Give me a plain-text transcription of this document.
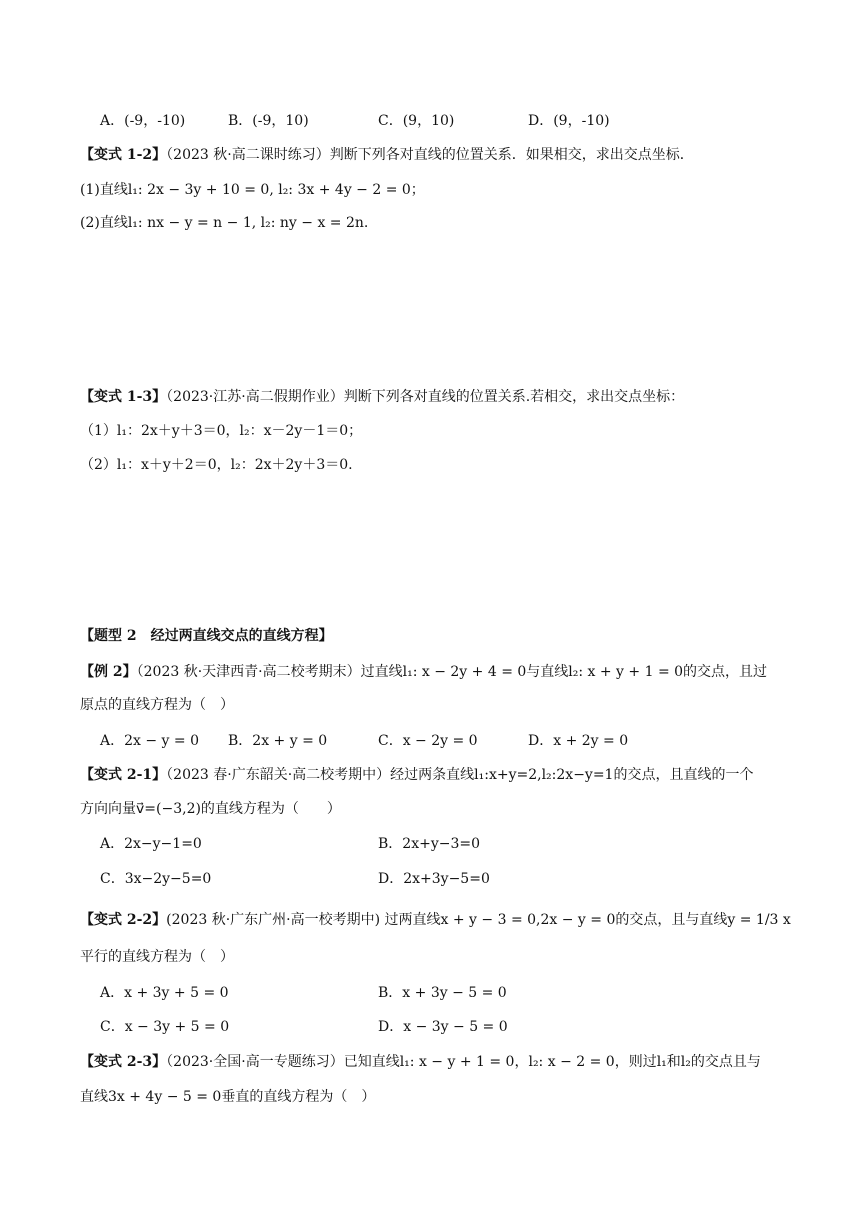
A．(-9，-10)	B．(-9，10)	C．(9，10)	D．(9，-10)
【变式 1-2】（2023 秋·高二课时练习）判断下列各对直线的位置关系．如果相交，求出交点坐标．
(1)直线l₁: 2x − 3y + 10 = 0, l₂: 3x + 4y − 2 = 0；
(2)直线l₁: nx − y = n − 1, l₂: ny − x = 2n.
【变式 1-3】（2023·江苏·高二假期作业）判断下列各对直线的位置关系.若相交，求出交点坐标：
（1）l₁：2x＋y＋3＝0，l₂：x－2y－1＝0；
（2）l₁：x＋y＋2＝0，l₂：2x＋2y＋3＝0.
【题型 2　经过两直线交点的直线方程】
【例 2】（2023 秋·天津西青·高二校考期末）过直线l₁: x − 2y + 4 = 0与直线l₂: x + y + 1 = 0的交点，且过
原点的直线方程为（　）
A．2x − y = 0 B．2x + y = 0	C．x − 2y = 0	D．x + 2y = 0
【变式 2-1】（2023 春·广东韶关·高二校考期中）经过两条直线l₁:x+y=2,l₂:2x−y=1的交点，且直线的一个
方向向量v⃗=(−3,2)的直线方程为（　　）
A．2x−y−1=0	B．2x+y−3=0
C．3x−2y−5=0	D．2x+3y−5=0
【变式 2-2】(2023 秋·广东广州·高一校考期中) 过两直线x + y − 3 = 0,2x − y = 0的交点，且与直线y = 1/3 x
平行的直线方程为（　）
A．x + 3y + 5 = 0	B．x + 3y − 5 = 0
C．x − 3y + 5 = 0	D．x − 3y − 5 = 0
【变式 2-3】（2023·全国·高一专题练习）已知直线l₁: x − y + 1 = 0，l₂: x − 2 = 0，则过l₁和l₂的交点且与
直线3x + 4y − 5 = 0垂直的直线方程为（　）
